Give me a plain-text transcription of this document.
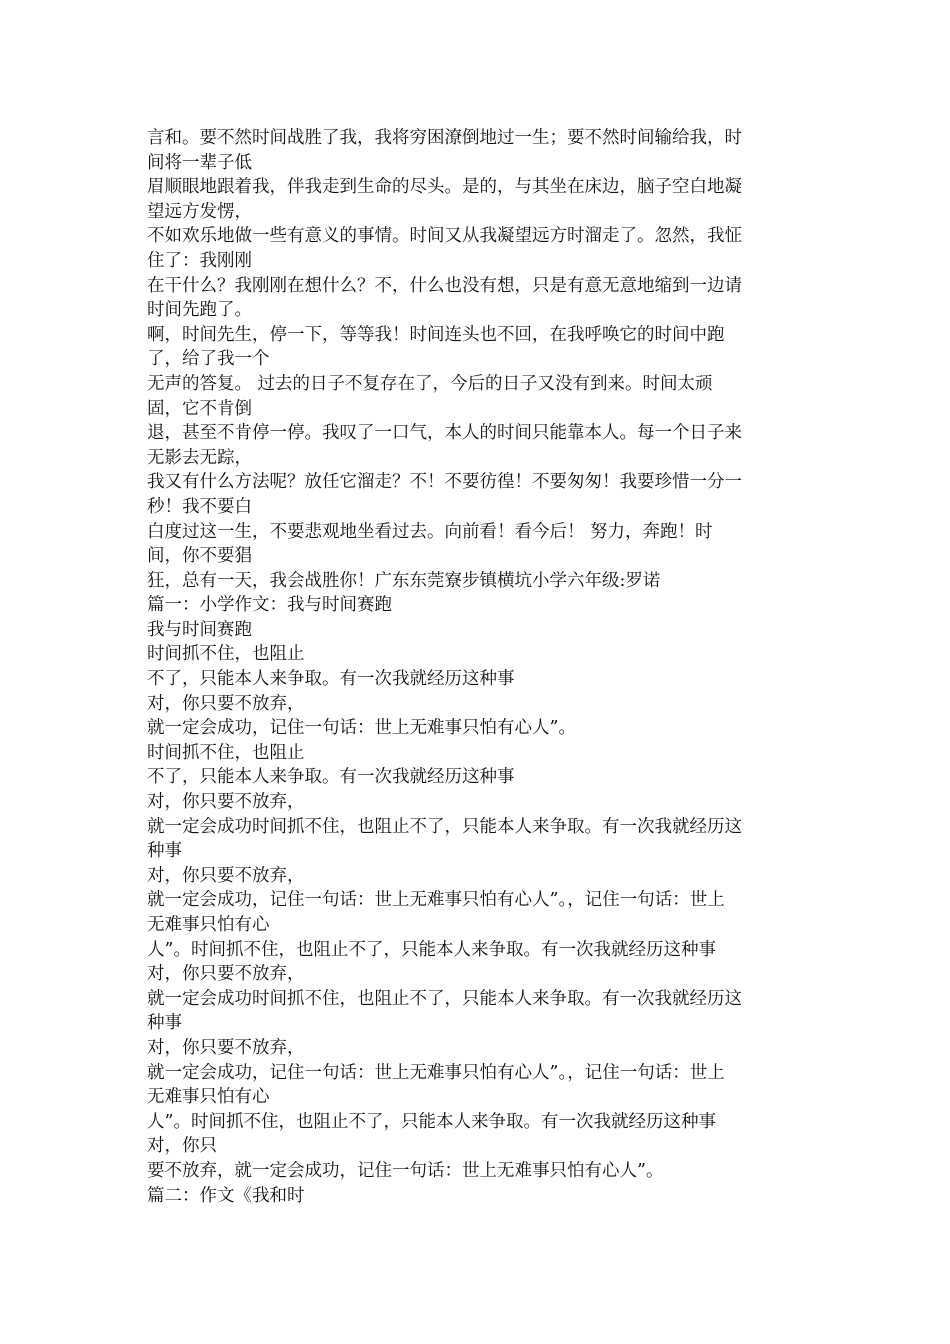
言和。要不然时间战胜了我，我将穷困潦倒地过一生；要不然时间输给我，时
间将一辈子低
眉顺眼地跟着我，伴我走到生命的尽头。是的，与其坐在床边，脑子空白地凝
望远方发愣，
不如欢乐地做一些有意义的事情。时间又从我凝望远方时溜走了。忽然，我怔
住了：我刚刚
在干什么？我刚刚在想什么？不，什么也没有想，只是有意无意地缩到一边请
时间先跑了。
啊，时间先生，停一下，等等我！时间连头也不回，在我呼唤它的时间中跑
了，给了我一个
无声的答复。 过去的日子不复存在了，今后的日子又没有到来。时间太顽
固，它不肯倒
退，甚至不肯停一停。我叹了一口气，本人的时间只能靠本人。每一个日子来
无影去无踪，
我又有什么方法呢？放任它溜走？不！不要彷徨！不要匆匆！我要珍惜一分一
秒！我不要白
白度过这一生，不要悲观地坐看过去。向前看！看今后！ 努力，奔跑！时
间，你不要猖
狂，总有一天，我会战胜你！广东东莞寮步镇横坑小学六年级:罗诺
篇一：小学作文：我与时间赛跑
我与时间赛跑
时间抓不住，也阻止
不了，只能本人来争取。有一次我就经历这种事
对，你只要不放弃，
就一定会成功，记住一句话：世上无难事只怕有心人”。
时间抓不住，也阻止
不了，只能本人来争取。有一次我就经历这种事
对，你只要不放弃，
就一定会成功时间抓不住，也阻止不了，只能本人来争取。有一次我就经历这
种事
对，你只要不放弃，
就一定会成功，记住一句话：世上无难事只怕有心人”。，记住一句话：世上
无难事只怕有心
人”。时间抓不住，也阻止不了，只能本人来争取。有一次我就经历这种事
对，你只要不放弃，
就一定会成功时间抓不住，也阻止不了，只能本人来争取。有一次我就经历这
种事
对，你只要不放弃，
就一定会成功，记住一句话：世上无难事只怕有心人”。，记住一句话：世上
无难事只怕有心
人”。时间抓不住，也阻止不了，只能本人来争取。有一次我就经历这种事
对，你只
要不放弃，就一定会成功，记住一句话：世上无难事只怕有心人”。
篇二：作文《我和时
